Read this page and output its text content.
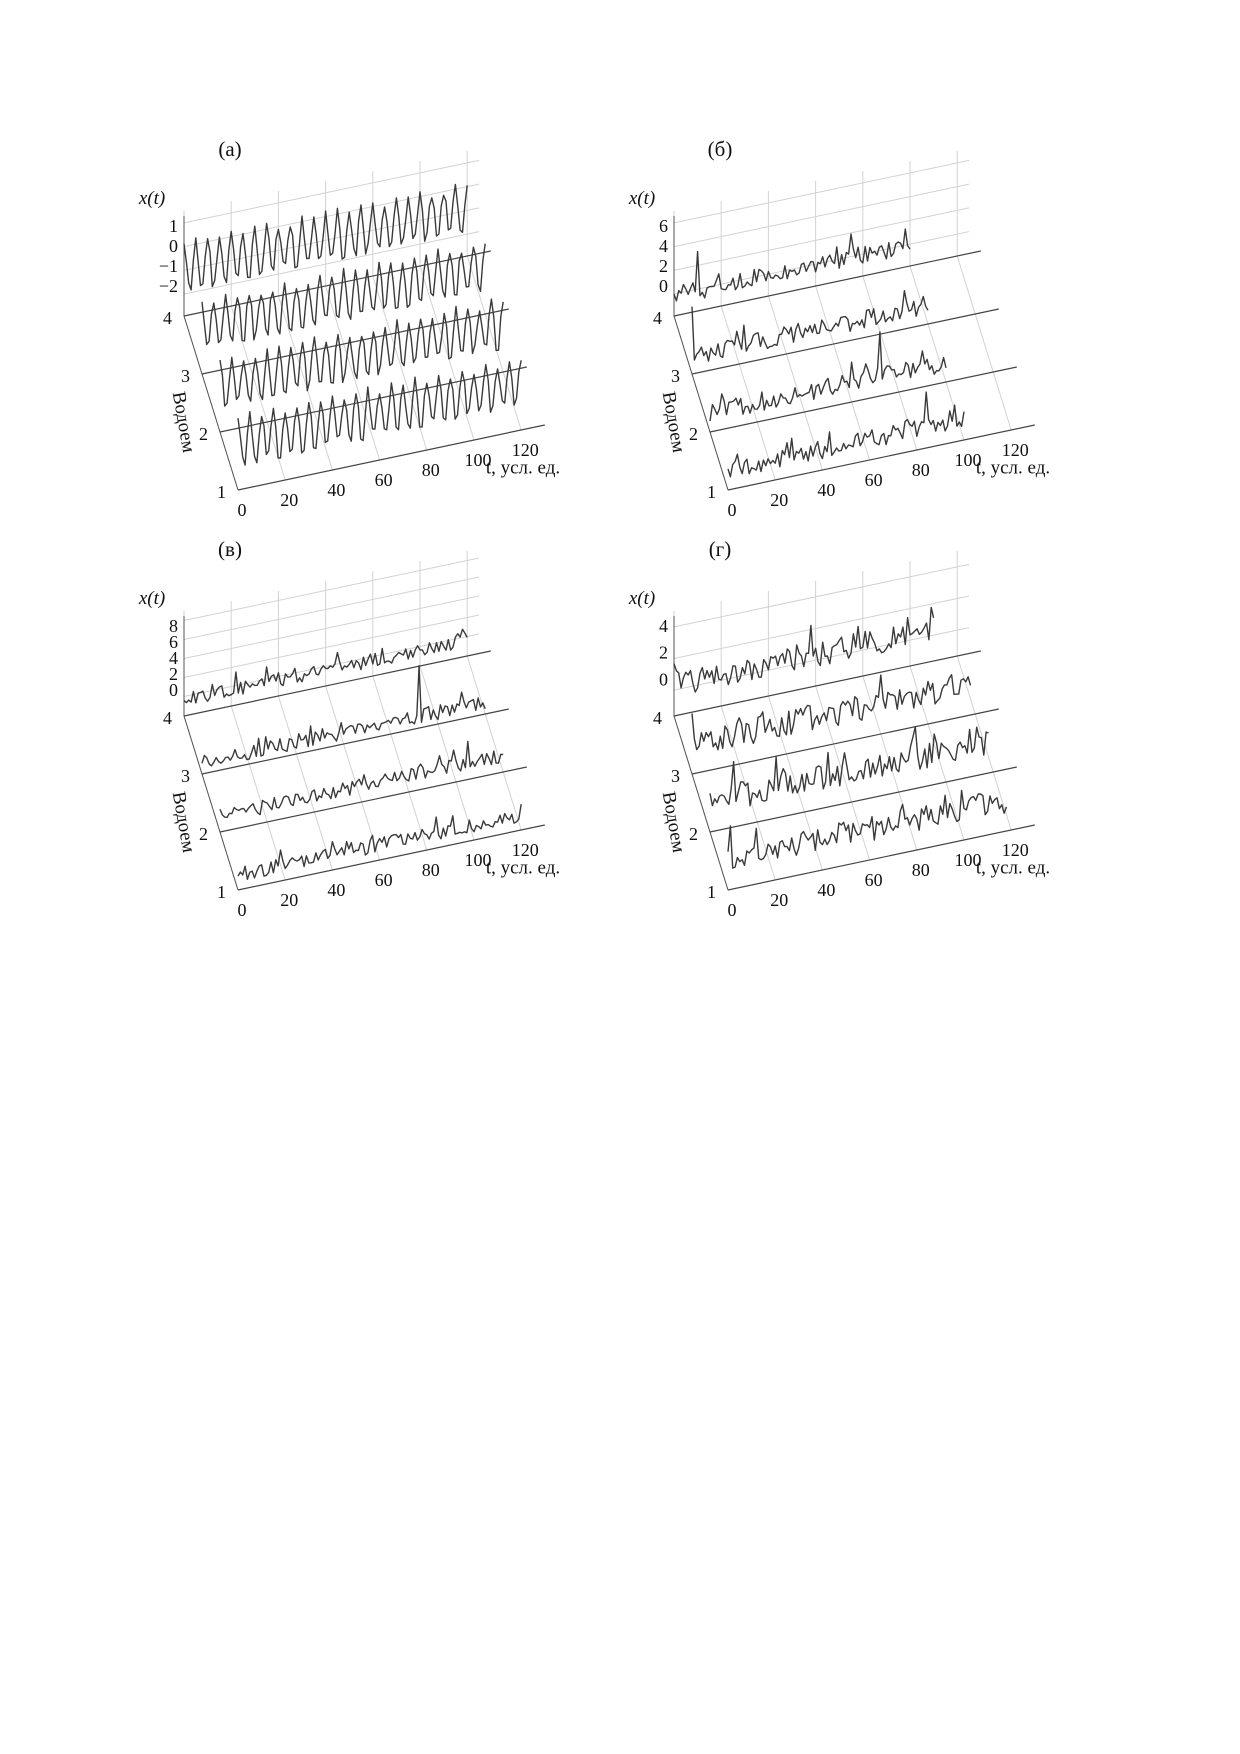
1
2
3
4
1
0
−1
−2
0 20 40 60 80 100 120
x(t)
t, усл. ед.
Водоем
(а)
1
2
3
4
6
4
2
0
0 20 40 60 80 100 120
x(t)
t, усл. ед.
Водоем
(б)
1
2
3
4
8
6
4
2
0
0 20 40 60 80 100 120
x(t)
t, усл. ед.
Водоем
(в)
1
2
3
4
4
2
0
0 20 40 60 80 100 120
x(t)
t, усл. ед.
Водоем
(г)
